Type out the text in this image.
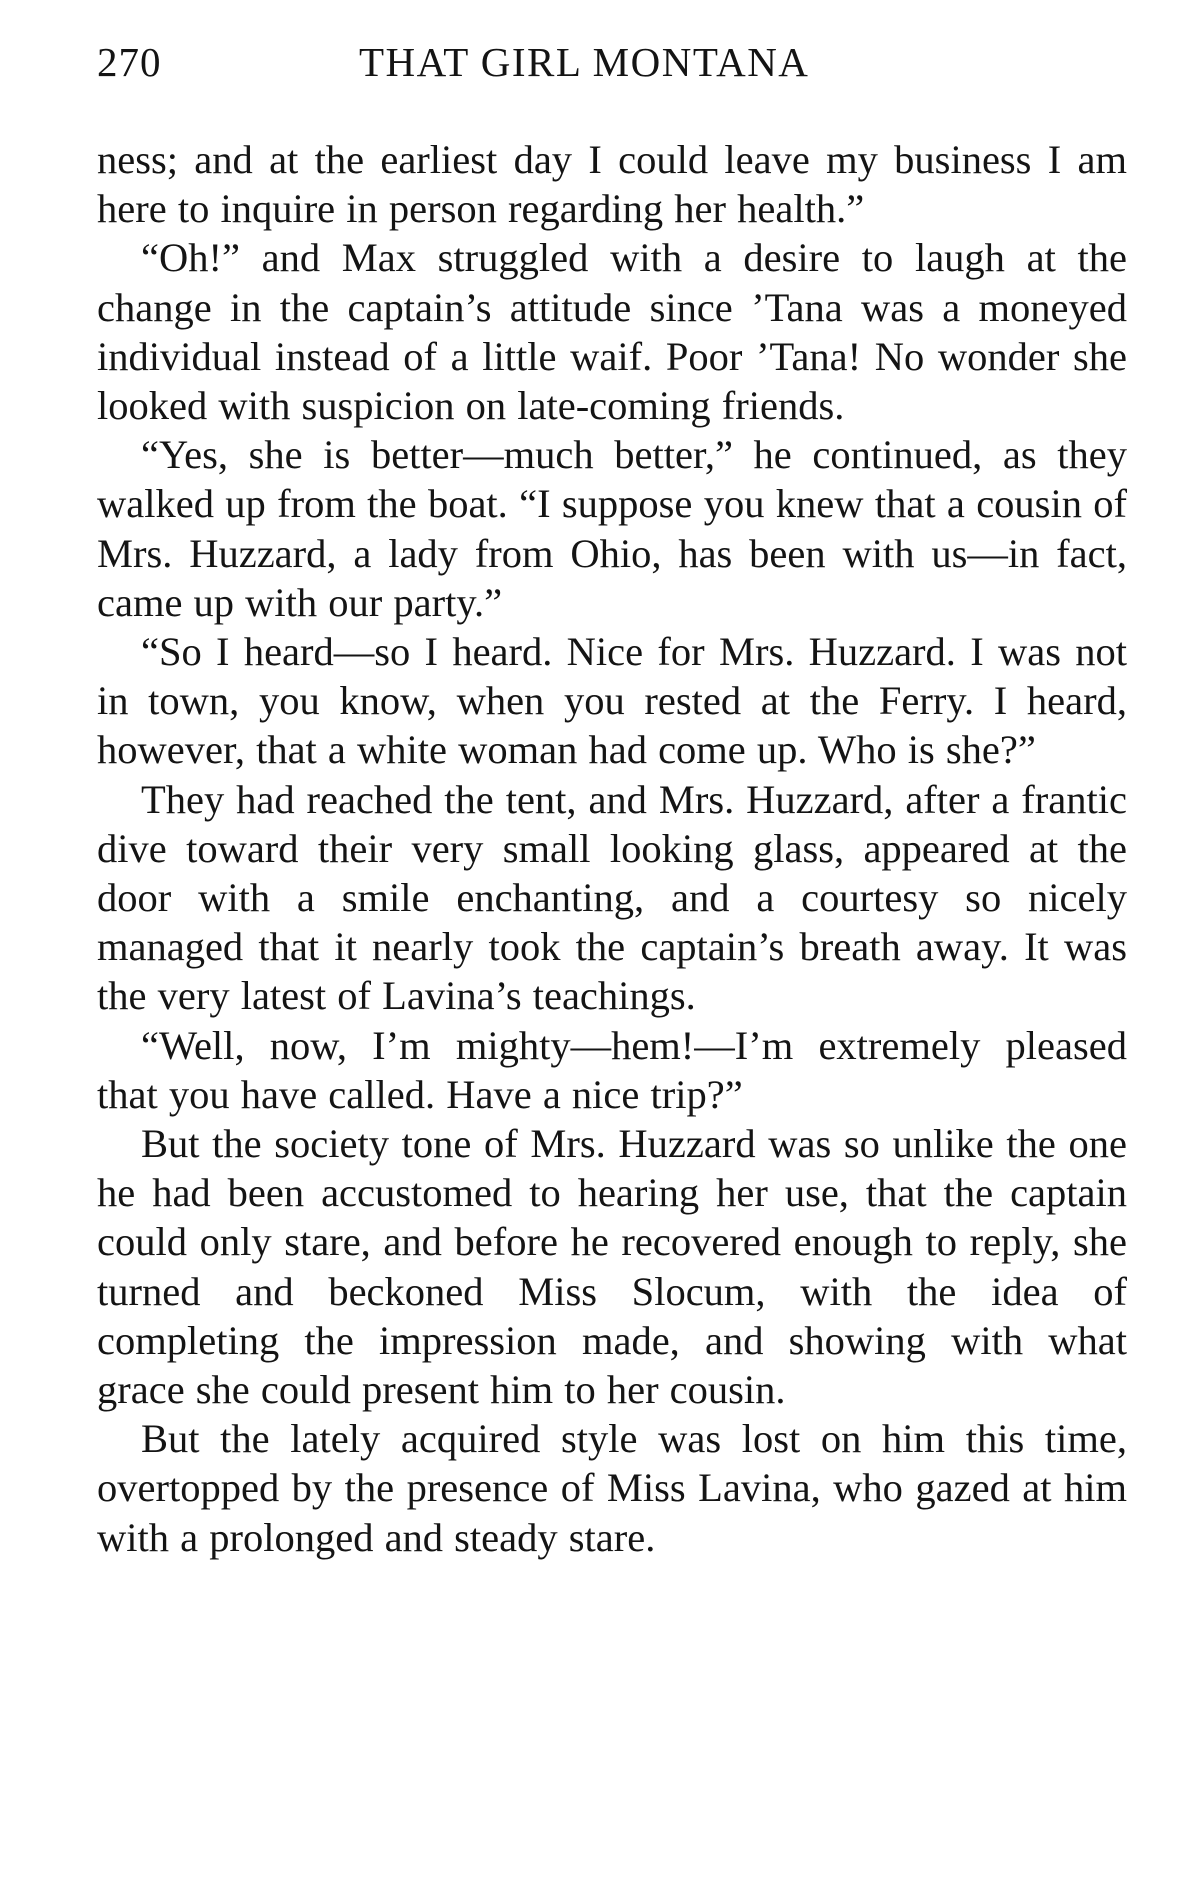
270	THAT GIRL MONTANA

ness; and at the earliest day I could leave my business I am here to inquire in person regarding her health.”

“Oh!” and Max struggled with a desire to laugh at the change in the captain’s attitude since ’Tana was a moneyed individual instead of a little waif. Poor ’Tana! No wonder she looked with suspicion on late-coming friends.

“Yes, she is better—much better,” he continued, as they walked up from the boat. “I suppose you knew that a cousin of Mrs. Huzzard, a lady from Ohio, has been with us—in fact, came up with our party.”

“So I heard—so I heard. Nice for Mrs. Huzzard. I was not in town, you know, when you rested at the Ferry. I heard, however, that a white woman had come up. Who is she?”

They had reached the tent, and Mrs. Huzzard, after a frantic dive toward their very small looking glass, appeared at the door with a smile enchanting, and a courtesy so nicely managed that it nearly took the captain’s breath away. It was the very latest of Lavina’s teachings.

“Well, now, I’m mighty—hem!—I’m extremely pleased that you have called. Have a nice trip?”

But the society tone of Mrs. Huzzard was so unlike the one he had been accustomed to hearing her use, that the captain could only stare, and before he recovered enough to reply, she turned and beckoned Miss Slocum, with the idea of completing the impression made, and showing with what grace she could present him to her cousin.

But the lately acquired style was lost on him this time, overtopped by the presence of Miss Lavina, who gazed at him with a prolonged and steady stare.
